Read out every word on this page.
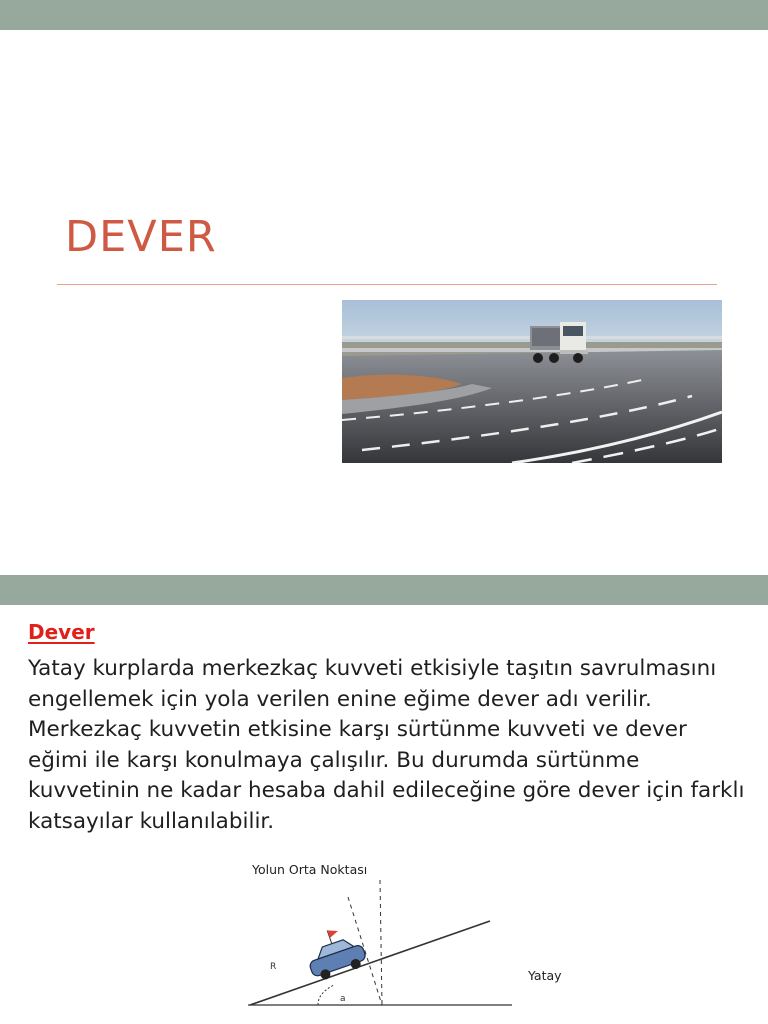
DEVER
Dever

Yatay kurplarda merkezkaç kuvveti etkisiyle taşıtın savrulmasını engellemek için yola verilen enine eğime dever adı verilir. Merkezkaç kuvvetin etkisine karşı sürtünme kuvveti ve dever eğimi ile karşı konulmaya çalışılır. Bu durumda sürtünme kuvvetinin ne kadar hesaba dahil edileceğine göre dever için farklı katsayılar kullanılabilir.

Yolun Orta Noktası
a
R
Yatay
